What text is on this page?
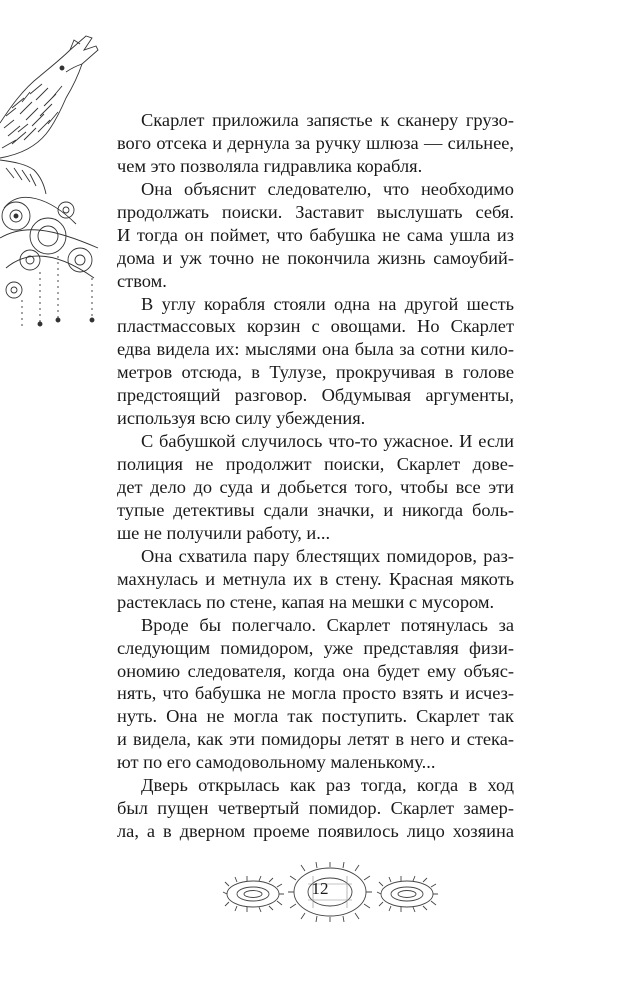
Скарлет приложила запястье к сканеру грузо-
вого отсека и дернула за ручку шлюза — сильнее,
чем это позволяла гидравлика корабля.
Она объяснит следователю, что необходимо
продолжать поиски. Заставит выслушать себя.
И тогда он поймет, что бабушка не сама ушла из
дома и уж точно не покончила жизнь самоубий-
ством.
В углу корабля стояли одна на другой шесть
пластмассовых корзин с овощами. Но Скарлет
едва видела их: мыслями она была за сотни кило-
метров отсюда, в Тулузе, прокручивая в голове
предстоящий разговор. Обдумывая аргументы,
используя всю силу убеждения.
С бабушкой случилось что-то ужасное. И если
полиция не продолжит поиски, Скарлет дове-
дет дело до суда и добьется того, чтобы все эти
тупые детективы сдали значки, и никогда боль-
ше не получили работу, и...
Она схватила пару блестящих помидоров, раз-
махнулась и метнула их в стену. Красная мякоть
растеклась по стене, капая на мешки с мусором.
Вроде бы полегчало. Скарлет потянулась за
следующим помидором, уже представляя физи-
ономию следователя, когда она будет ему объяс-
нять, что бабушка не могла просто взять и исчез-
нуть. Она не могла так поступить. Скарлет так
и видела, как эти помидоры летят в него и стека-
ют по его самодовольному маленькому...
Дверь открылась как раз тогда, когда в ход
был пущен четвертый помидор. Скарлет замер-
ла, а в дверном проеме появилось лицо хозяина
12
